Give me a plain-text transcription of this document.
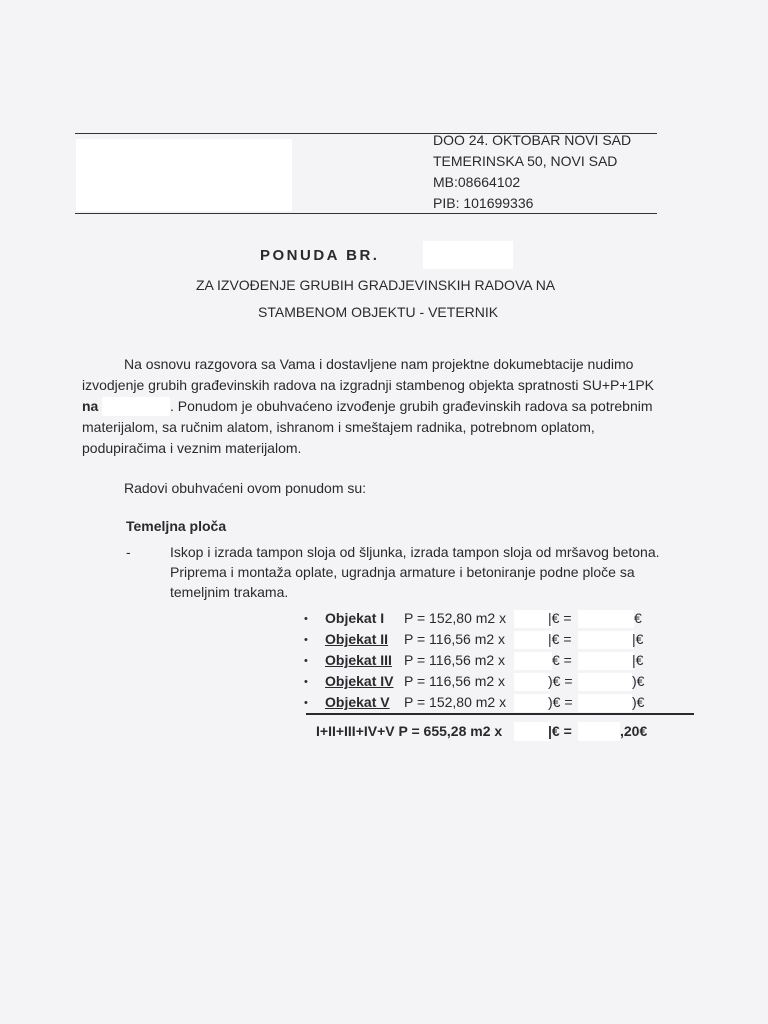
DOO 24. OKTOBAR NOVI SAD
TEMERINSKA 50, NOVI SAD
MB:08664102
PIB: 101699336
PONUDA BR.
ZA IZVOĐENJE GRUBIH GRADJEVINSKIH RADOVA NA
STAMBENOM OBJEKTU - VETERNIK
Na osnovu razgovora sa Vama i dostavljene nam projektne dokumebtacije nudimo
izvodjenje grubih građevinskih radova na izgradnji stambenog objekta spratnosti SU+P+1PK
na	. Ponudom je obuhvaćeno izvođenje grubih građevinskih radova sa potrebnim
materijalom, sa ručnim alatom, ishranom i smeštajem radnika, potrebnom oplatom,
podupiračima i veznim materijalom.
Radovi obuhvaćeni ovom ponudom su:
Temeljna ploča
-	Iskop i izrada tampon sloja od šljunka, izrada tampon sloja od mršavog betona.
Priprema i montaža oplate, ugradnja armature i betoniranje podne ploče sa
temeljnim trakama.
• Objekat I P = 152,80 m2 x	|€ =	€
• Objekat II P = 116,56 m2 x	|€ =	|€
• Objekat III P = 116,56 m2 x	€ =	|€
• Objekat IV P = 116,56 m2 x	)€ =	)€
• Objekat V P = 152,80 m2 x	)€ =	)€
I+II+III+IV+V P = 655,28 m2 x	|€ =	,20€
